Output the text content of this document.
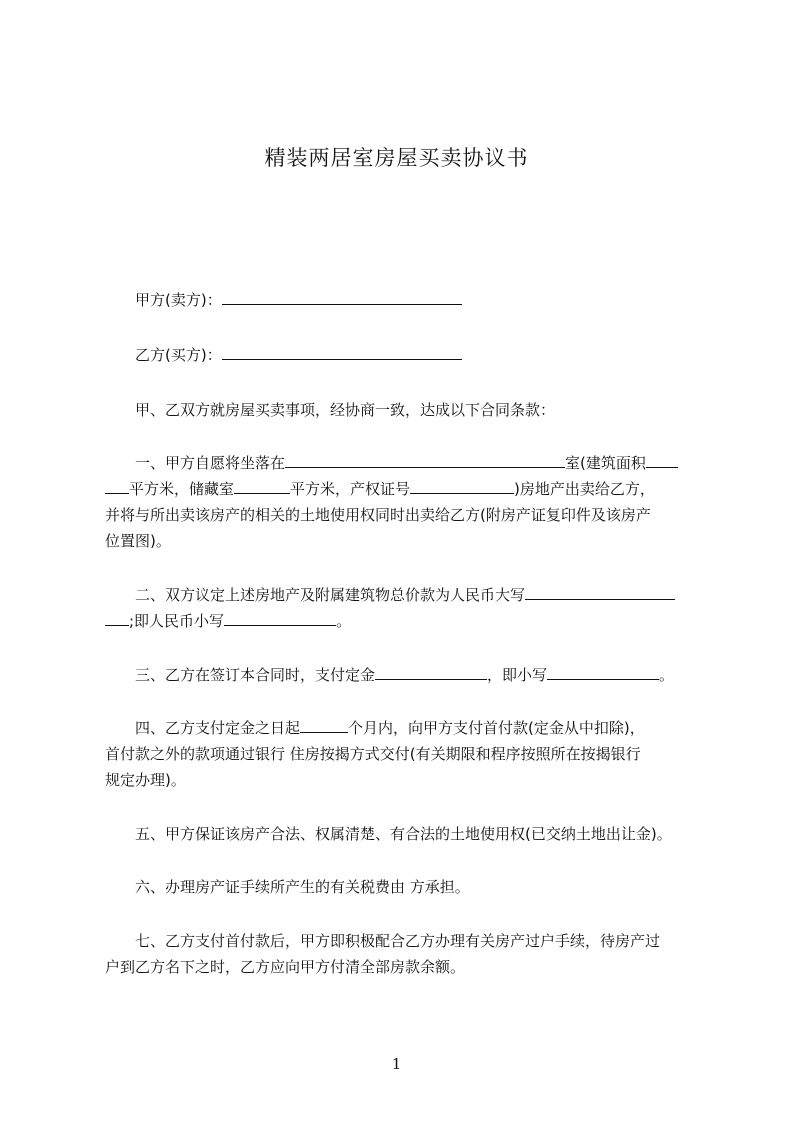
精装两居室房屋买卖协议书
甲方(卖方)：
乙方(买方)：
甲、乙双方就房屋买卖事项，经协商一致，达成以下合同条款：
一、甲方自愿将坐落在	室(建筑面积
平方米，储藏室	平方米，产权证号	)房地产出卖给乙方，
并将与所出卖该房产的相关的土地使用权同时出卖给乙方(附房产证复印件及该房产
位置图)。
二、双方议定上述房地产及附属建筑物总价款为人民币大写
;即人民币小写	。
三、乙方在签订本合同时，支付定金	，即小写	。
四、乙方支付定金之日起	个月内，向甲方支付首付款(定金从中扣除)，
首付款之外的款项通过银行 住房按揭方式交付(有关期限和程序按照所在按揭银行
规定办理)。
五、甲方保证该房产合法、权属清楚、有合法的土地使用权(已交纳土地出让金)。
六、办理房产证手续所产生的有关税费由 方承担。
七、乙方支付首付款后，甲方即积极配合乙方办理有关房产过户手续，待房产过
户到乙方名下之时，乙方应向甲方付清全部房款余额。
1
